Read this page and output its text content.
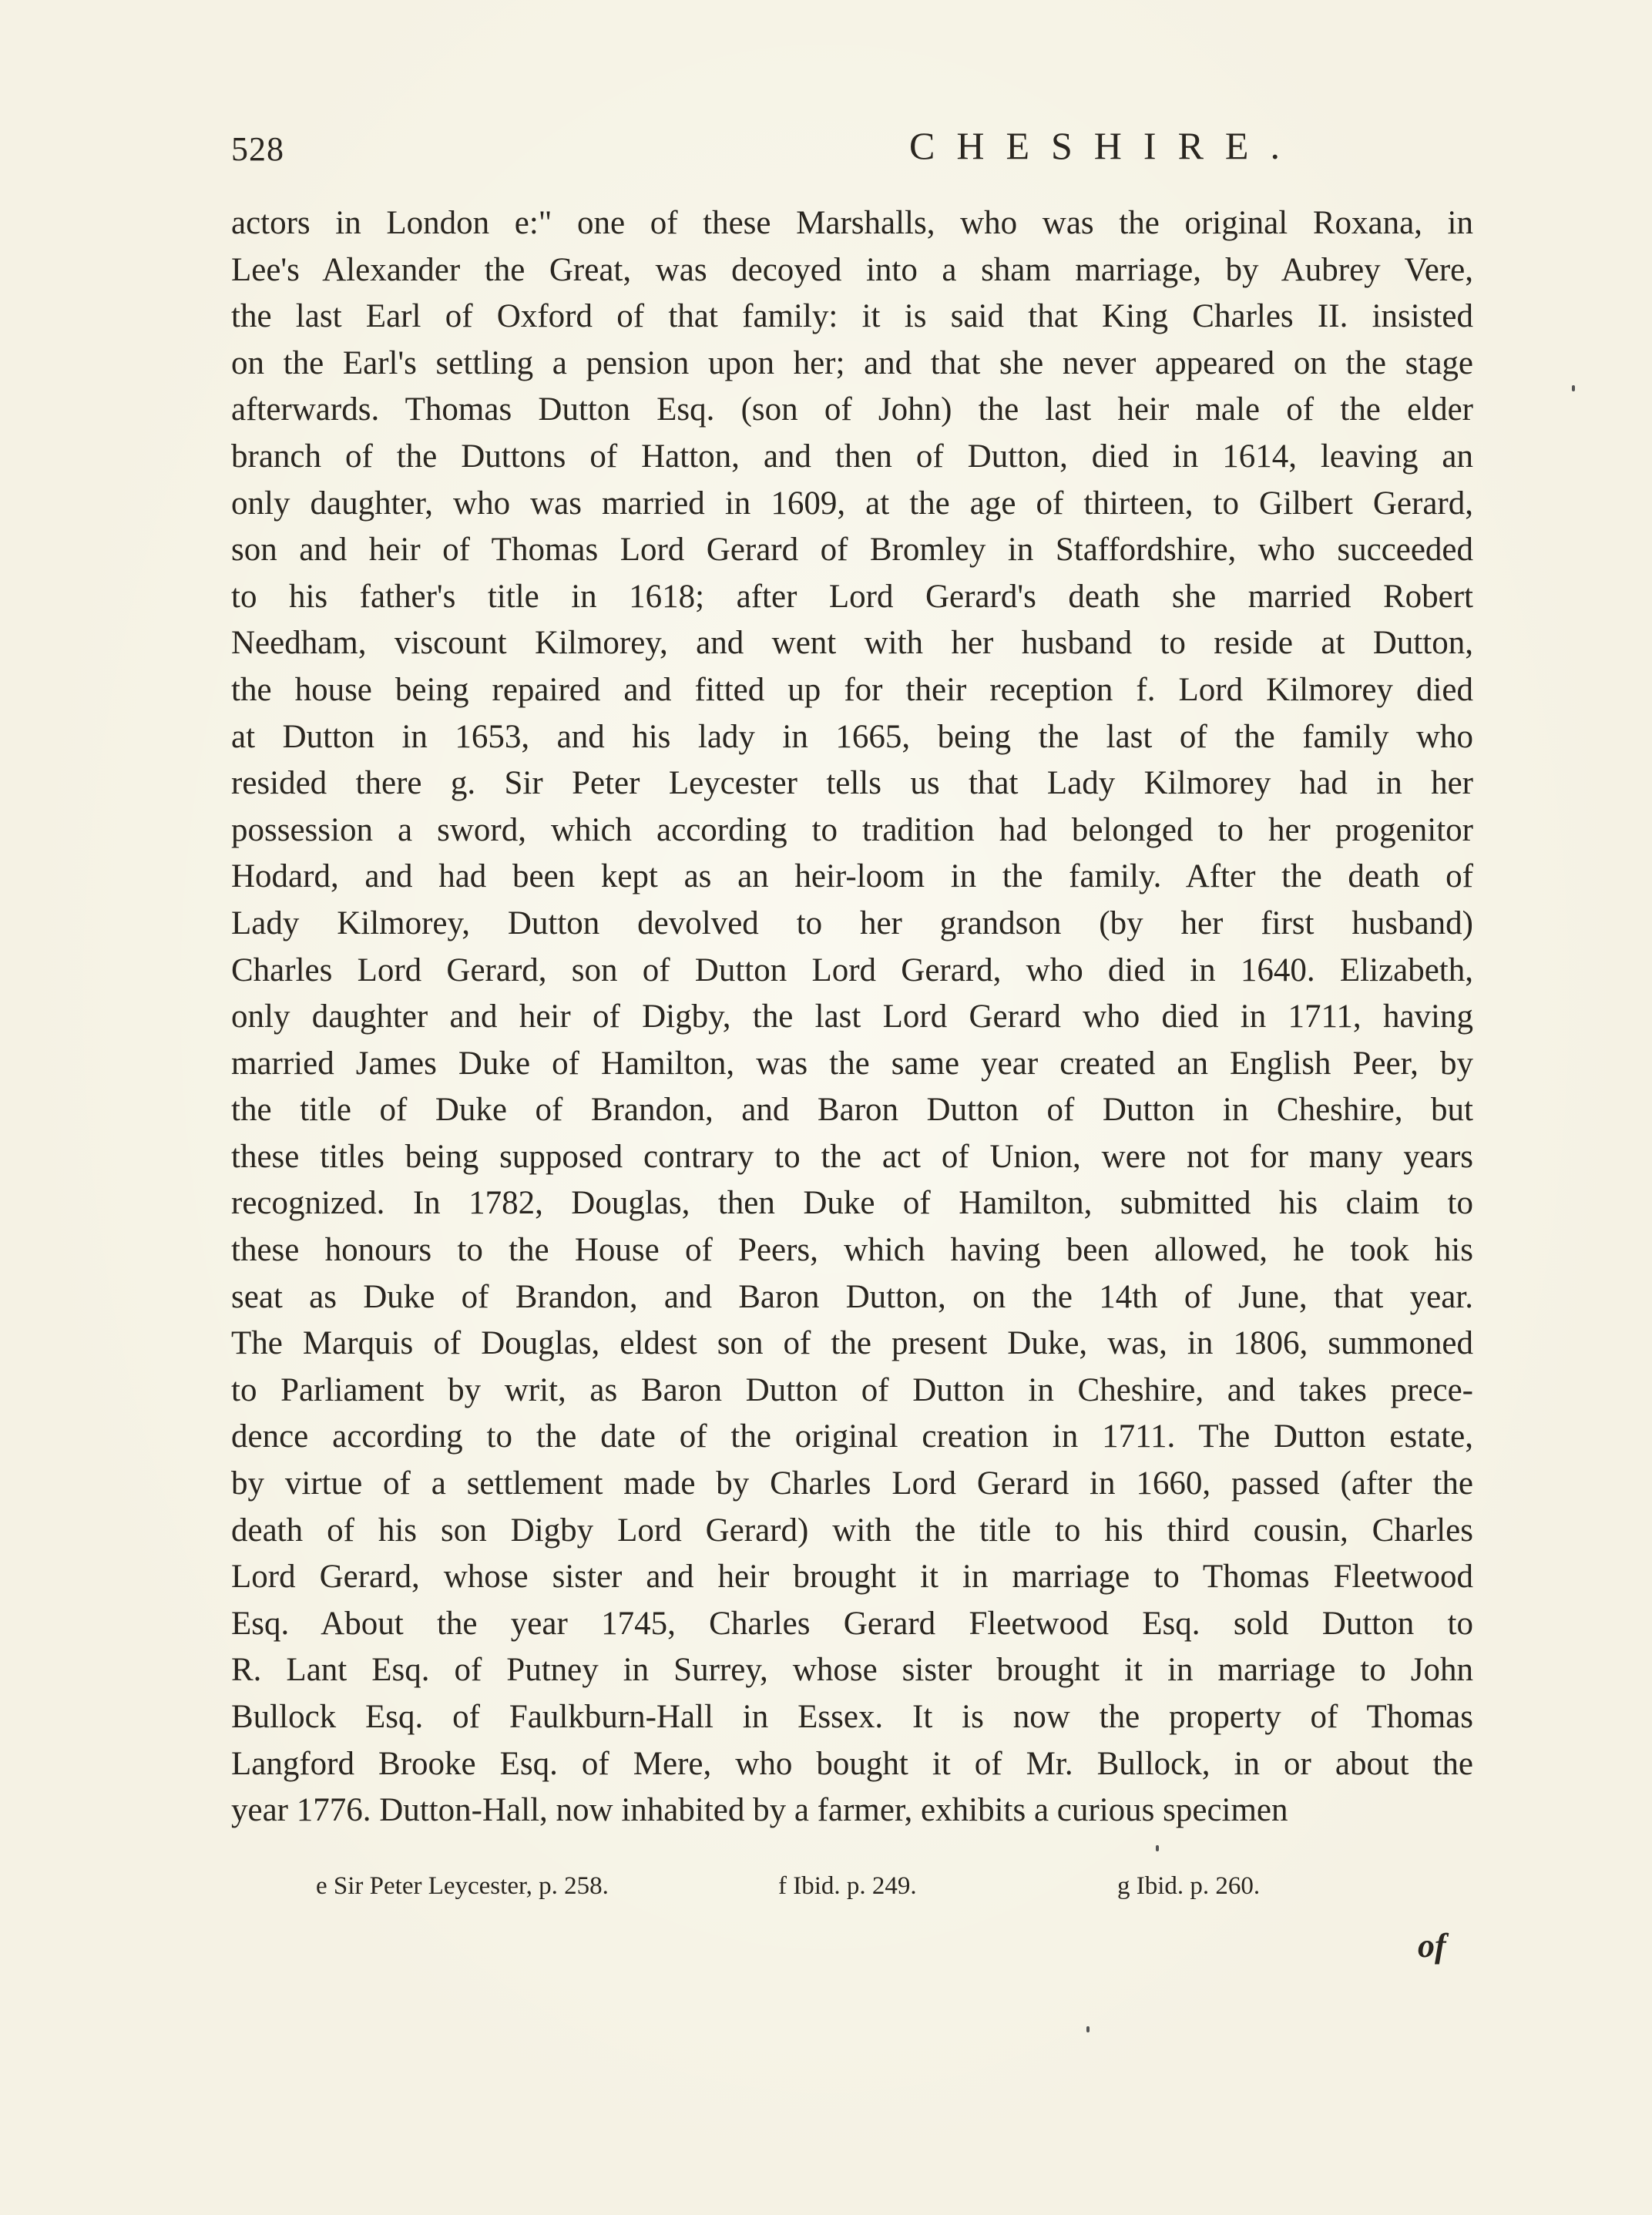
528	CHESHIRE.
actors in London e:" one of these Marshalls, who was the original Roxana, in
Lee's Alexander the Great, was decoyed into a sham marriage, by Aubrey Vere,
the last Earl of Oxford of that family: it is said that King Charles II. insisted
on the Earl's settling a pension upon her; and that she never appeared on the stage
afterwards. Thomas Dutton Esq. (son of John) the last heir male of the elder
branch of the Duttons of Hatton, and then of Dutton, died in 1614, leaving an
only daughter, who was married in 1609, at the age of thirteen, to Gilbert Gerard,
son and heir of Thomas Lord Gerard of Bromley in Staffordshire, who succeeded
to his father's title in 1618; after Lord Gerard's death she married Robert
Needham, viscount Kilmorey, and went with her husband to reside at Dutton,
the house being repaired and fitted up for their reception f. Lord Kilmorey died
at Dutton in 1653, and his lady in 1665, being the last of the family who
resided there g. Sir Peter Leycester tells us that Lady Kilmorey had in her
possession a sword, which according to tradition had belonged to her progenitor
Hodard, and had been kept as an heir-loom in the family. After the death of
Lady Kilmorey, Dutton devolved to her grandson (by her first husband)
Charles Lord Gerard, son of Dutton Lord Gerard, who died in 1640. Elizabeth,
only daughter and heir of Digby, the last Lord Gerard who died in 1711, having
married James Duke of Hamilton, was the same year created an English Peer, by
the title of Duke of Brandon, and Baron Dutton of Dutton in Cheshire, but
these titles being supposed contrary to the act of Union, were not for many years
recognized. In 1782, Douglas, then Duke of Hamilton, submitted his claim to
these honours to the House of Peers, which having been allowed, he took his
seat as Duke of Brandon, and Baron Dutton, on the 14th of June, that year.
The Marquis of Douglas, eldest son of the present Duke, was, in 1806, summoned
to Parliament by writ, as Baron Dutton of Dutton in Cheshire, and takes prece-
dence according to the date of the original creation in 1711. The Dutton estate,
by virtue of a settlement made by Charles Lord Gerard in 1660, passed (after the
death of his son Digby Lord Gerard) with the title to his third cousin, Charles
Lord Gerard, whose sister and heir brought it in marriage to Thomas Fleetwood
Esq. About the year 1745, Charles Gerard Fleetwood Esq. sold Dutton to
R. Lant Esq. of Putney in Surrey, whose sister brought it in marriage to John
Bullock Esq. of Faulkburn-Hall in Essex. It is now the property of Thomas
Langford Brooke Esq. of Mere, who bought it of Mr. Bullock, in or about the
year 1776. Dutton-Hall, now inhabited by a farmer, exhibits a curious specimen
e Sir Peter Leycester, p. 258.	f Ibid. p. 249.	g Ibid. p. 260.
of
